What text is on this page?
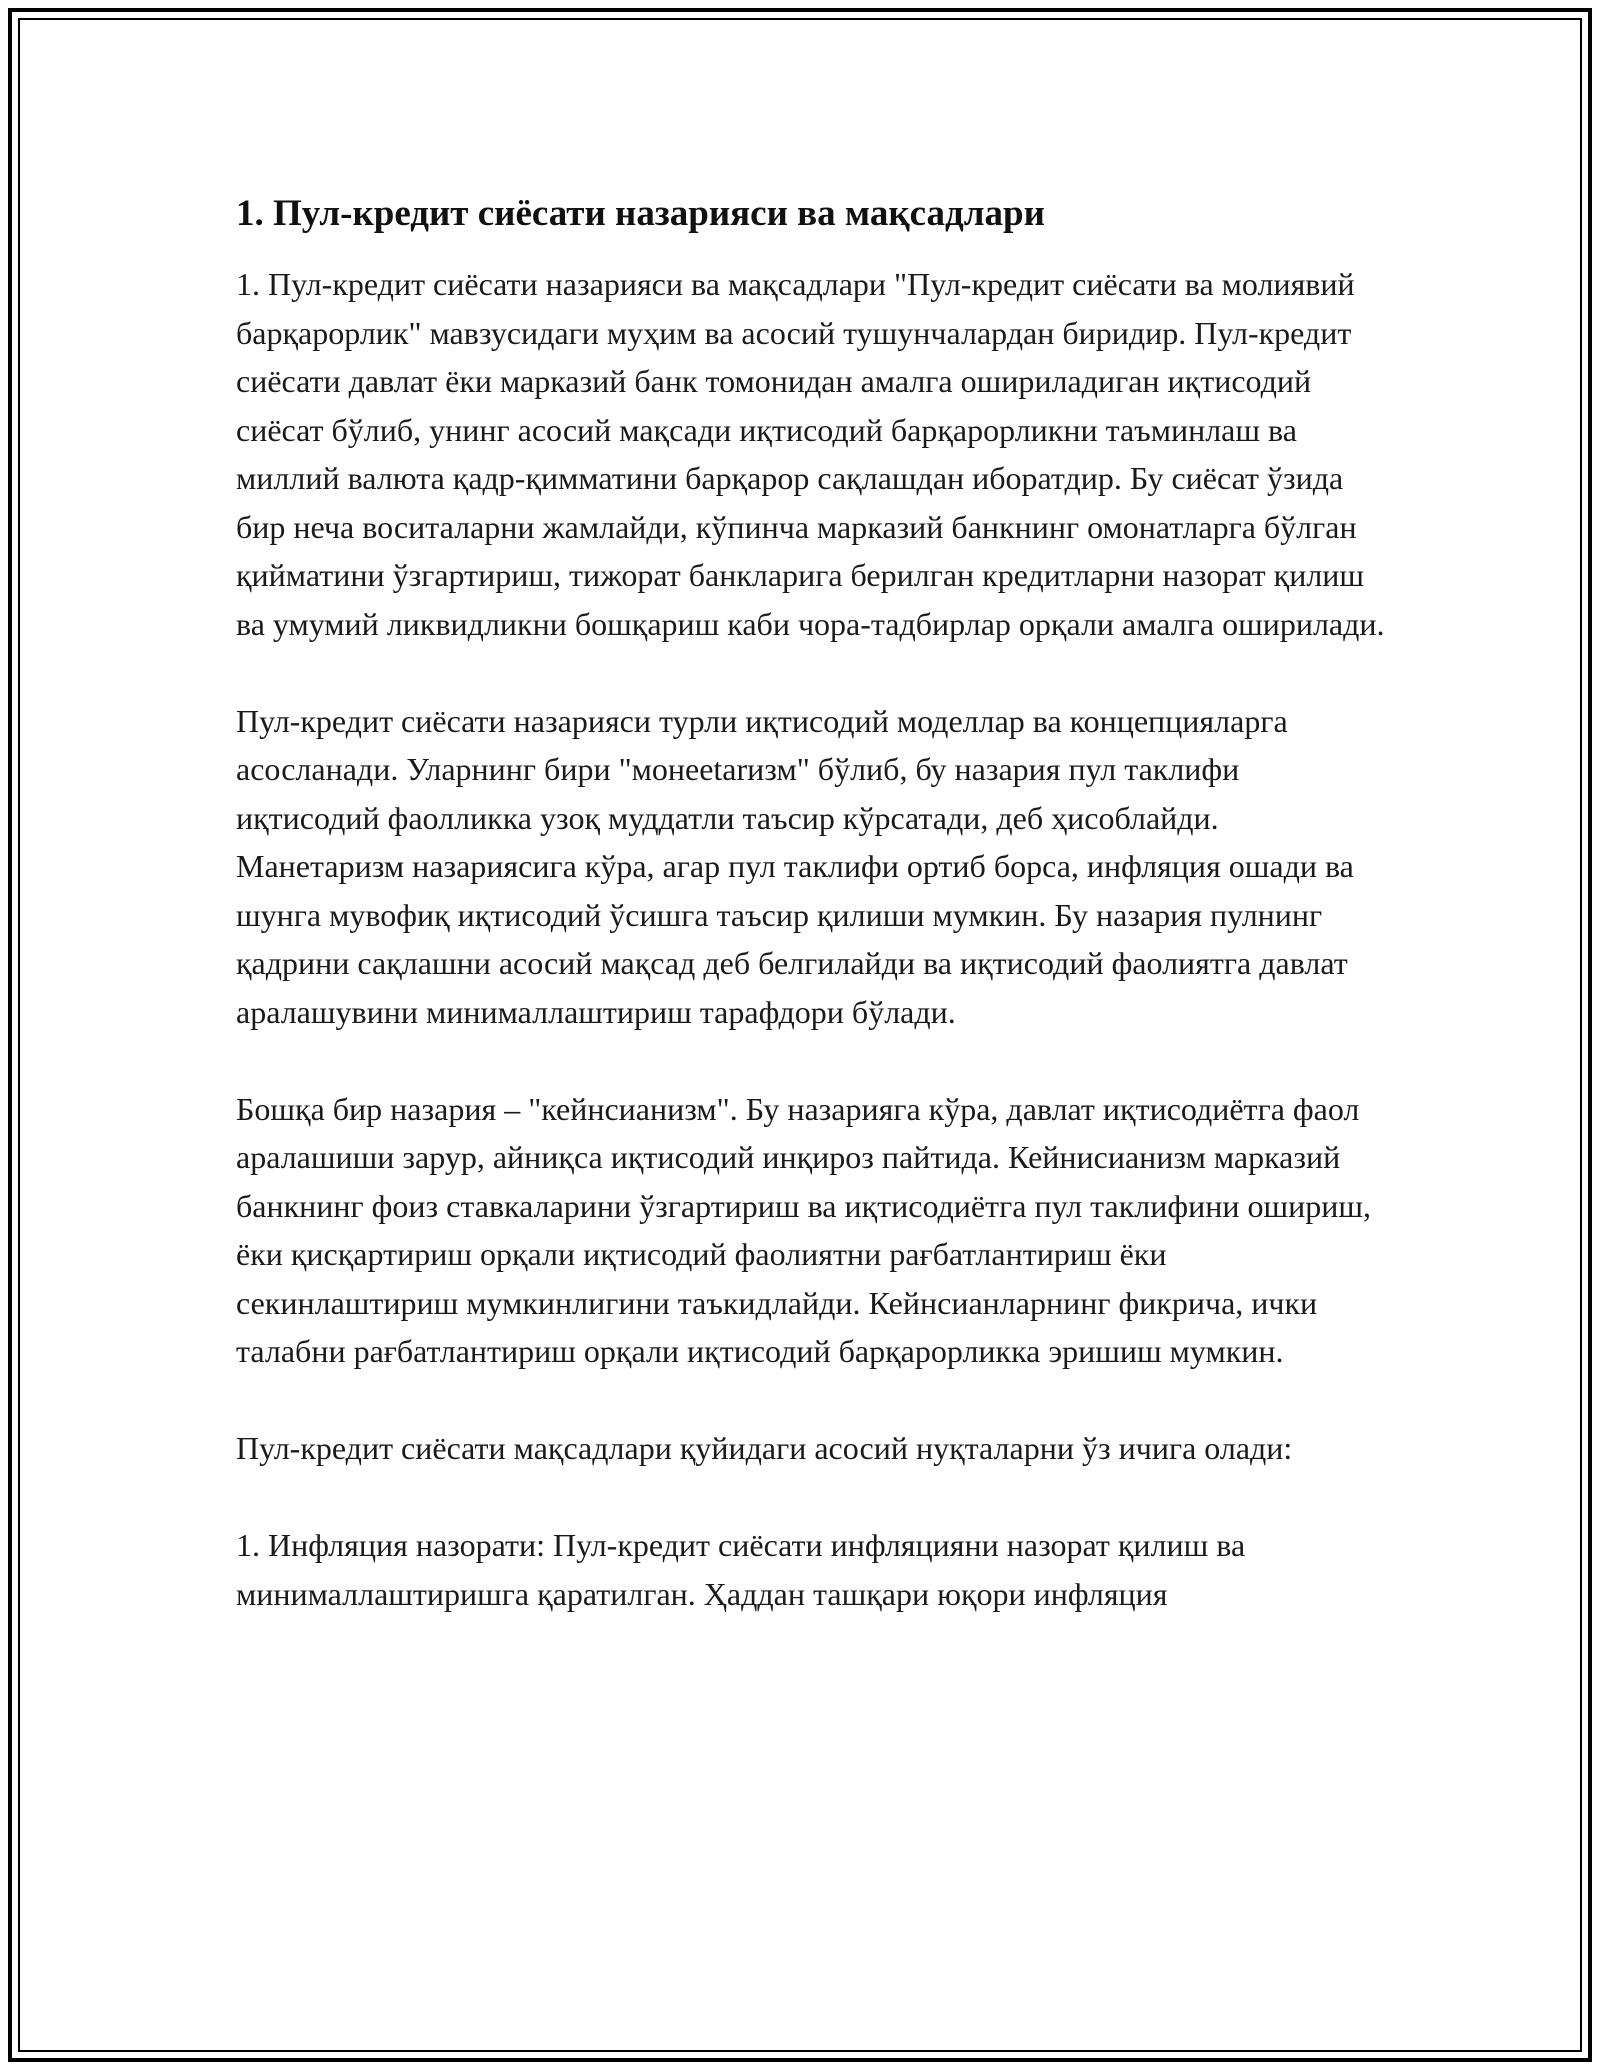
1. Пул-кредит сиёсати назарияси ва мақсадлари

1. Пул-кредит сиёсати назарияси ва мақсадлари "Пул-кредит сиёсати ва молиявий барқарорлик" мавзусидаги муҳим ва асосий тушунчалардан биридир. Пул-кредит сиёсати давлат ёки марказий банк томонидан амалга ошириладиган иқтисодий сиёсат бўлиб, унинг асосий мақсади иқтисодий барқарорликни таъминлаш ва миллий валюта қадр-қимматини барқарор сақлашдан иборатдир. Бу сиёсат ўзида бир неча воситаларни жамлайди, кўпинча марказий банкнинг омонатларга бўлган қийматини ўзгартириш, тижорат банкларига берилган кредитларни назорат қилиш ва умумий ликвидликни бошқариш каби чора-тадбирлар орқали амалга оширилади.

Пул-кредит сиёсати назарияси турли иқтисодий моделлар ва концепцияларга асосланади. Уларнинг бири "монееtarизм" бўлиб, бу назария пул таклифи иқтисодий фаолликка узоқ муддатли таъсир кўрсатади, деб ҳисоблайди. Манетаризм назариясига кўра, агар пул таклифи ортиб борса, инфляция ошади ва шунга мувофиқ иқтисодий ўсишга таъсир қилиши мумкин. Бу назария пулнинг қадрини сақлашни асосий мақсад деб белгилайди ва иқтисодий фаолиятга давлат аралашувини минималлаштириш тарафдори бўлади.

Бошқа бир назария – "кейнсианизм". Бу назарияга кўра, давлат иқтисодиётга фаол аралашиши зарур, айниқса иқтисодий инқироз пайтида. Кейнисианизм марказий банкнинг фоиз ставкаларини ўзгартириш ва иқтисодиётга пул таклифини ошириш, ёки қисқартириш орқали иқтисодий фаолиятни рағбатлантириш ёки секинлаштириш мумкинлигини таъкидлайди. Кейнсианларнинг фикрича, ички талабни рағбатлантириш орқали иқтисодий барқарорликка эришиш мумкин.

Пул-кредит сиёсати мақсадлари қуйидаги асосий нуқталарни ўз ичига олади:

1. Инфляция назорати: Пул-кредит сиёсати инфляцияни назорат қилиш ва минималлаштиришга қаратилган. Ҳаддан ташқари юқори инфляция
